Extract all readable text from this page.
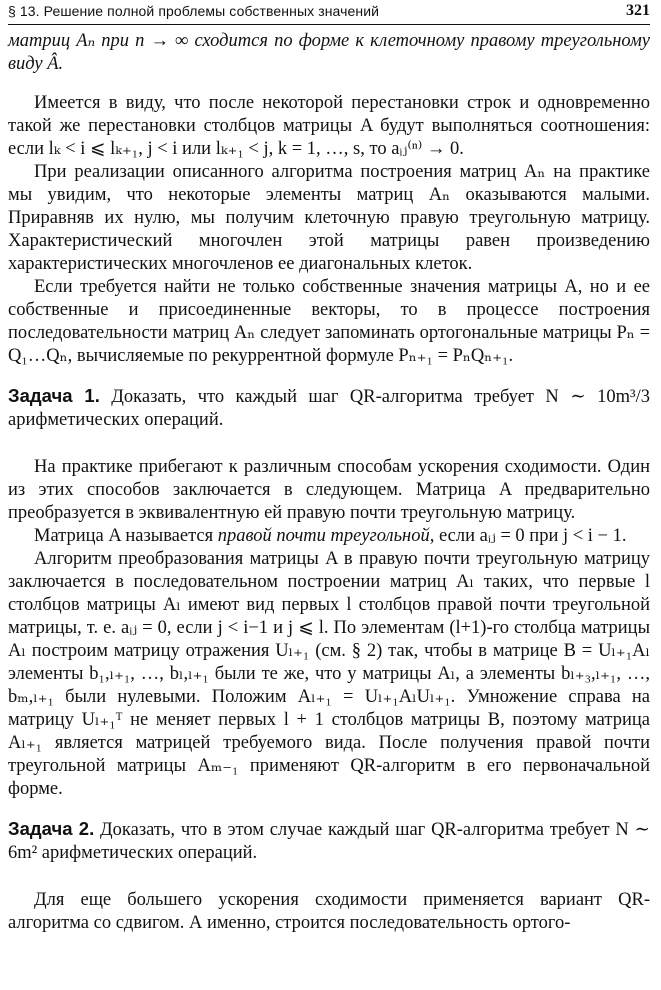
§ 13. Решение полной проблемы собственных значений	321

матриц Aₙ при n → ∞ сходится по форме к клеточному правому треугольному виду Â.

Имеется в виду, что после некоторой перестановки строк и одновременно такой же перестановки столбцов матрицы A будут выполняться соотношения: если lₖ < i ⩽ lₖ₊₁, j < i или lₖ₊₁ < j, k = 1, …, s, то aᵢⱼ⁽ⁿ⁾ → 0.

При реализации описанного алгоритма построения матриц Aₙ на практике мы увидим, что некоторые элементы матриц Aₙ оказываются малыми. Приравняв их нулю, мы получим клеточную правую треугольную матрицу. Характеристический многочлен этой матрицы равен произведению характеристических многочленов ее диагональных клеток.

Если требуется найти не только собственные значения матрицы A, но и ее собственные и присоединенные векторы, то в процессе построения последовательности матриц Aₙ следует запоминать ортогональные матрицы Pₙ = Q₁…Qₙ, вычисляемые по рекуррентной формуле Pₙ₊₁ = PₙQₙ₊₁.

Задача 1. Доказать, что каждый шаг QR-алгоритма требует N ∼ 10m³/3 арифметических операций.

На практике прибегают к различным способам ускорения сходимости. Один из этих способов заключается в следующем. Матрица A предварительно преобразуется в эквивалентную ей правую почти треугольную матрицу.

Матрица A называется правой почти треугольной, если aᵢⱼ = 0 при j < i − 1.

Алгоритм преобразования матрицы A в правую почти треугольную матрицу заключается в последовательном построении матриц Aₗ таких, что первые l столбцов матрицы Aₗ имеют вид первых l столбцов правой почти треугольной матрицы, т. е. aᵢⱼ = 0, если j < i−1 и j ⩽ l. По элементам (l+1)-го столбца матрицы Aₗ построим матрицу отражения Uₗ₊₁ (см. § 2) так, чтобы в матрице B = Uₗ₊₁Aₗ элементы b₁,ₗ₊₁, …, bₗ,ₗ₊₁ были те же, что у матрицы Aₗ, а элементы bₗ₊₃,ₗ₊₁, …, bₘ,ₗ₊₁ были нулевыми. Положим Aₗ₊₁ = Uₗ₊₁AₗUₗ₊₁. Умножение справа на матрицу Uₗ₊₁ᵀ не меняет первых l + 1 столбцов матрицы B, поэтому матрица Aₗ₊₁ является матрицей требуемого вида. После получения правой почти треугольной матрицы Aₘ₋₁ применяют QR-алгоритм в его первоначальной форме.

Задача 2. Доказать, что в этом случае каждый шаг QR-алгоритма требует N ∼ 6m² арифметических операций.

Для еще большего ускорения сходимости применяется вариант QR-алгоритма со сдвигом. А именно, строится последовательность ортого-
